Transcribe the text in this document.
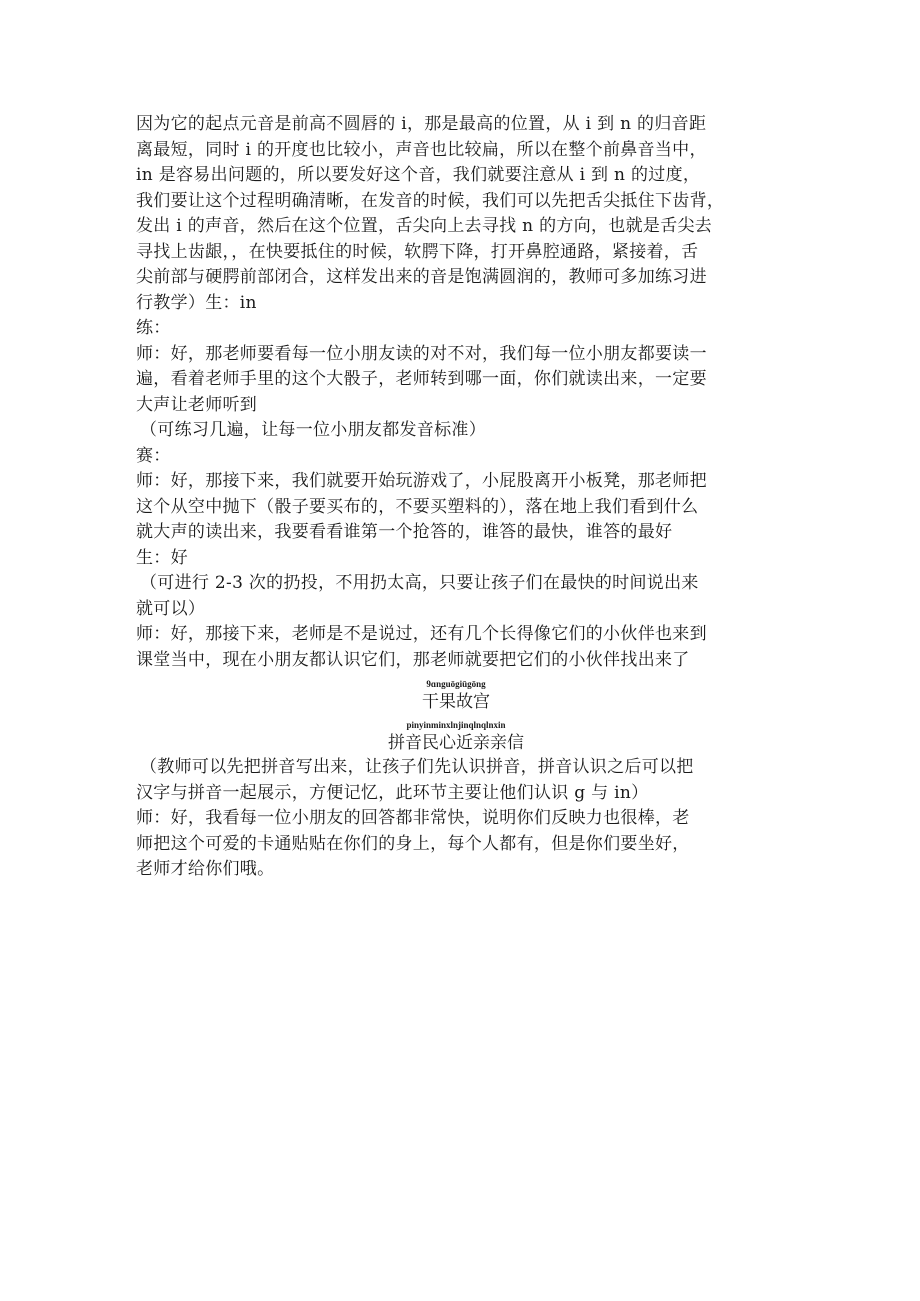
因为它的起点元音是前高不圆唇的 i，那是最高的位置，从 i 到 n 的归音距
离最短，同时 i 的开度也比较小，声音也比较扁，所以在整个前鼻音当中，
in 是容易出问题的，所以要发好这个音，我们就要注意从 i 到 n 的过度，
我们要让这个过程明确清晰，在发音的时候，我们可以先把舌尖抵住下齿背，
发出 i 的声音，然后在这个位置，舌尖向上去寻找 n 的方向，也就是舌尖去
寻找上齿龈，，在快要抵住的时候，软腭下降，打开鼻腔通路，紧接着，舌
尖前部与硬腭前部闭合，这样发出来的音是饱满圆润的，教师可多加练习进
行教学）生：in
练：
师：好，那老师要看每一位小朋友读的对不对，我们每一位小朋友都要读一
遍，看着老师手里的这个大骰子，老师转到哪一面，你们就读出来，一定要
大声让老师听到
（可练习几遍，让每一位小朋友都发音标准）
赛：
师：好，那接下来，我们就要开始玩游戏了，小屁股离开小板凳，那老师把
这个从空中抛下（骰子要买布的，不要买塑料的），落在地上我们看到什么
就大声的读出来，我要看看谁第一个抢答的，谁答的最快，谁答的最好
生：好
（可进行 2-3 次的扔投，不用扔太高，只要让孩子们在最快的时间说出来
就可以）
师：好，那接下来，老师是不是说过，还有几个长得像它们的小伙伴也来到
课堂当中，现在小朋友都认识它们，那老师就要把它们的小伙伴找出来了
9ɑnguōgiūgōng
干果故宫
pinyinminxlnjinqlnqlnxin
拼音民心近亲亲信
（教师可以先把拼音写出来，让孩子们先认识拼音，拼音认识之后可以把
汉字与拼音一起展示，方便记忆，此环节主要让他们认识 g 与 in）
师：好，我看每一位小朋友的回答都非常快，说明你们反映力也很棒，老
师把这个可爱的卡通贴贴在你们的身上，每个人都有，但是你们要坐好，
老师才给你们哦。
